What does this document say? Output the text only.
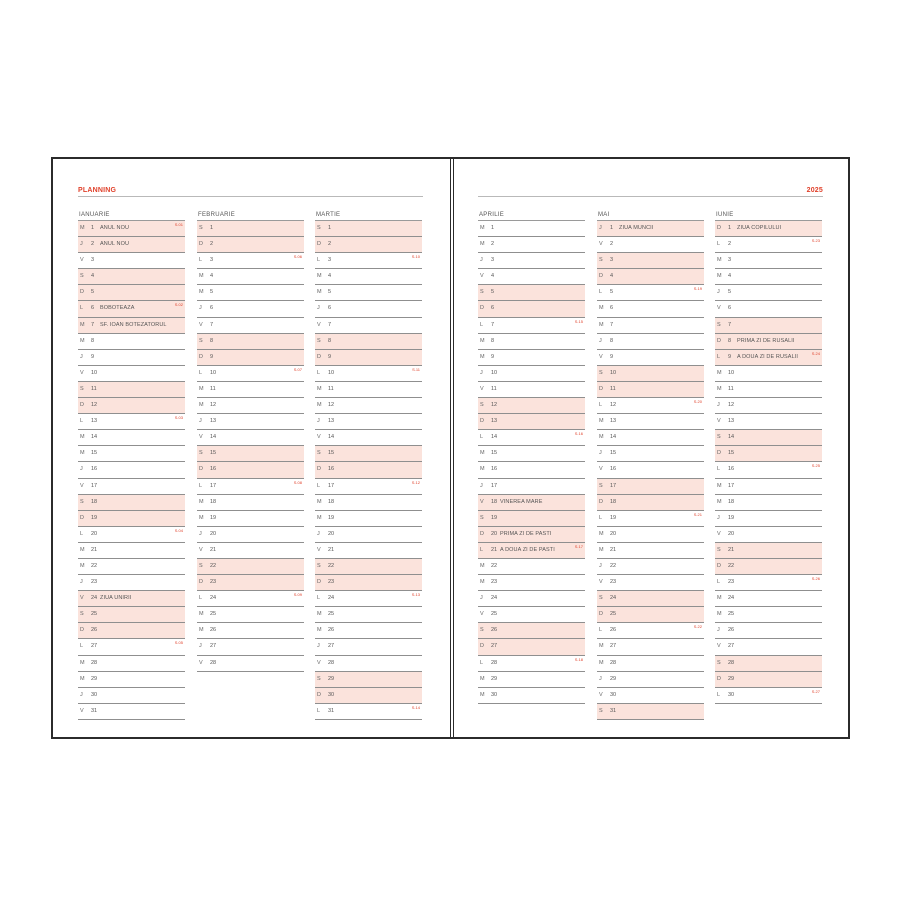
PLANNING
IANUARIE
M 1 ANUL NOU
S.01
J 2 ANUL NOU
V 3
S 4
D 5
L 6 BOBOTEAZA
S.02
M 7 SF. IOAN BOTEZATORUL
M 8
J 9
V 10
S 11
D 12
L 13
S.03
M 14
M 15
J 16
V 17
S 18
D 19
L 20
S.04
M 21
M 22
J 23
V 24 ZIUA UNIRII
S 25
D 26
L 27
S.05
M 28
M 29
J 30
V 31
FEBRUARIE
S 1
D 2
L 3
S.06
M 4
M 5
J 6
V 7
S 8
D 9
L 10
S.07
M 11
M 12
J 13
V 14
S 15
D 16
L 17
S.08
M 18
M 19
J 20
V 21
S 22
D 23
L 24
S.09
M 25
M 26
J 27
V 28
MARTIE
S 1
D 2
L 3
S.10
M 4
M 5
J 6
V 7
S 8
D 9
L 10
S.11
M 11
M 12
J 13
V 14
S 15
D 16
L 17
S.12
M 18
M 19
J 20
V 21
S 22
D 23
L 24
S.13
M 25
M 26
J 27
V 28
S 29
D 30
L 31
S.14
2025
APRILIE
M 1
M 2
J 3
V 4
S 5
D 6
L 7
S.15
M 8
M 9
J 10
V 11
S 12
D 13
L 14
S.16
M 15
M 16
J 17
V 18 VINEREA MARE
S 19
D 20 PRIMA ZI DE PASTI
L 21 A DOUA ZI DE PASTI
S.17
M 22
M 23
J 24
V 25
S 26
D 27
L 28
S.18
M 29
M 30
MAI
J 1 ZIUA MUNCII
V 2
S 3
D 4
L 5
S.19
M 6
M 7
J 8
V 9
S 10
D 11
L 12
S.20
M 13
M 14
J 15
V 16
S 17
D 18
L 19
S.21
M 20
M 21
J 22
V 23
S 24
D 25
L 26
S.22
M 27
M 28
J 29
V 30
S 31
IUNIE
D 1 ZIUA COPILULUI
L 2
S.23
M 3
M 4
J 5
V 6
S 7
D 8 PRIMA ZI DE RUSALII
L 9 A DOUA ZI DE RUSALII
S.24
M 10
M 11
J 12
V 13
S 14
D 15
L 16
S.25
M 17
M 18
J 19
V 20
S 21
D 22
L 23
S.26
M 24
M 25
J 26
V 27
S 28
D 29
L 30
S.27
